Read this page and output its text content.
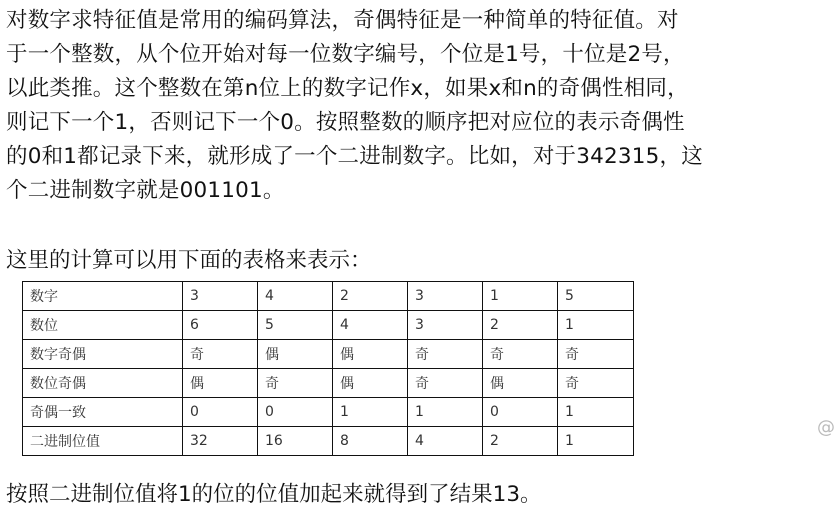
对数字求特征值是常用的编码算法，奇偶特征是一种简单的特征值。对
于一个整数，从个位开始对每一位数字编号，个位是1号，十位是2号，
以此类推。这个整数在第n位上的数字记作x，如果x和n的奇偶性相同，
则记下一个1，否则记下一个0。按照整数的顺序把对应位的表示奇偶性
的0和1都记录下来，就形成了一个二进制数字。比如，对于342315，这
个二进制数字就是001101。

这里的计算可以用下面的表格来表示：

数字	3	4	2	3	1	5
数位	6	5	4	3	2	1
数字奇偶	奇	偶	偶	奇	奇	奇
数位奇偶	偶	奇	偶	奇	偶	奇
奇偶一致	0	0	1	1	0	1
二进制位值	32	16	8	4	2	1

按照二进制位值将1的位的位值加起来就得到了结果13。

@
